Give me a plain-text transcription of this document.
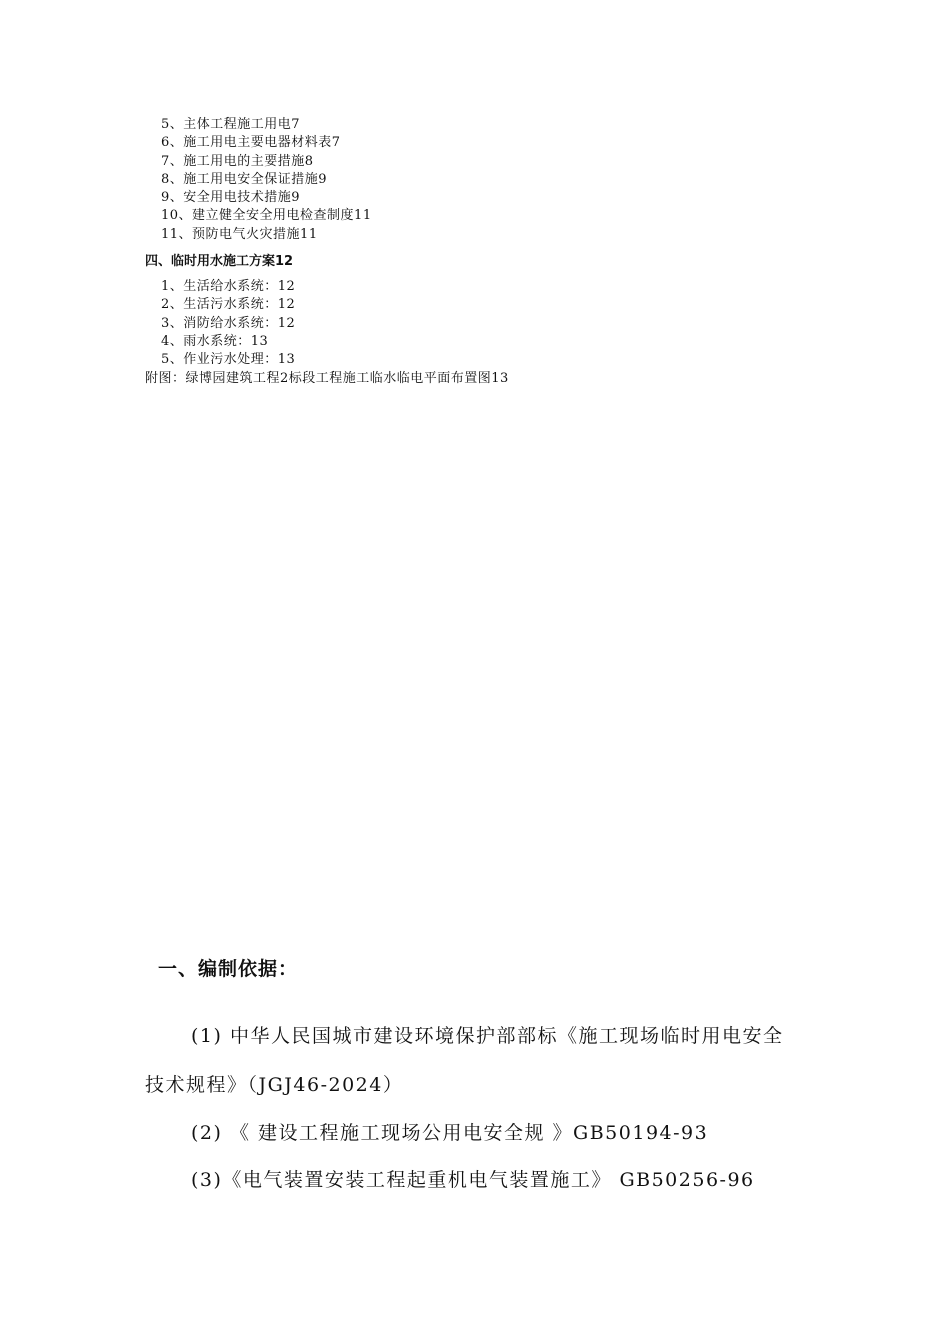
5、主体工程施工用电7
6、施工用电主要电器材料表7
7、施工用电的主要措施8
8、施工用电安全保证措施9
9、安全用电技术措施9
10、建立健全安全用电检查制度11
11、预防电气火灾措施11
四、临时用水施工方案12
1、生活给水系统：12
2、生活污水系统：12
3、消防给水系统：12
4、雨水系统：13
5、作业污水处理：13
附图：绿博园建筑工程2标段工程施工临水临电平面布置图13
一、编制依据：
(1) 中华人民国城市建设环境保护部部标《施工现场临时用电安全
技术规程》（JGJ46-2024）
(2) 《 建设工程施工现场公用电安全规 》GB50194-93
(3)《电气装置安装工程起重机电气装置施工》 GB50256-96
